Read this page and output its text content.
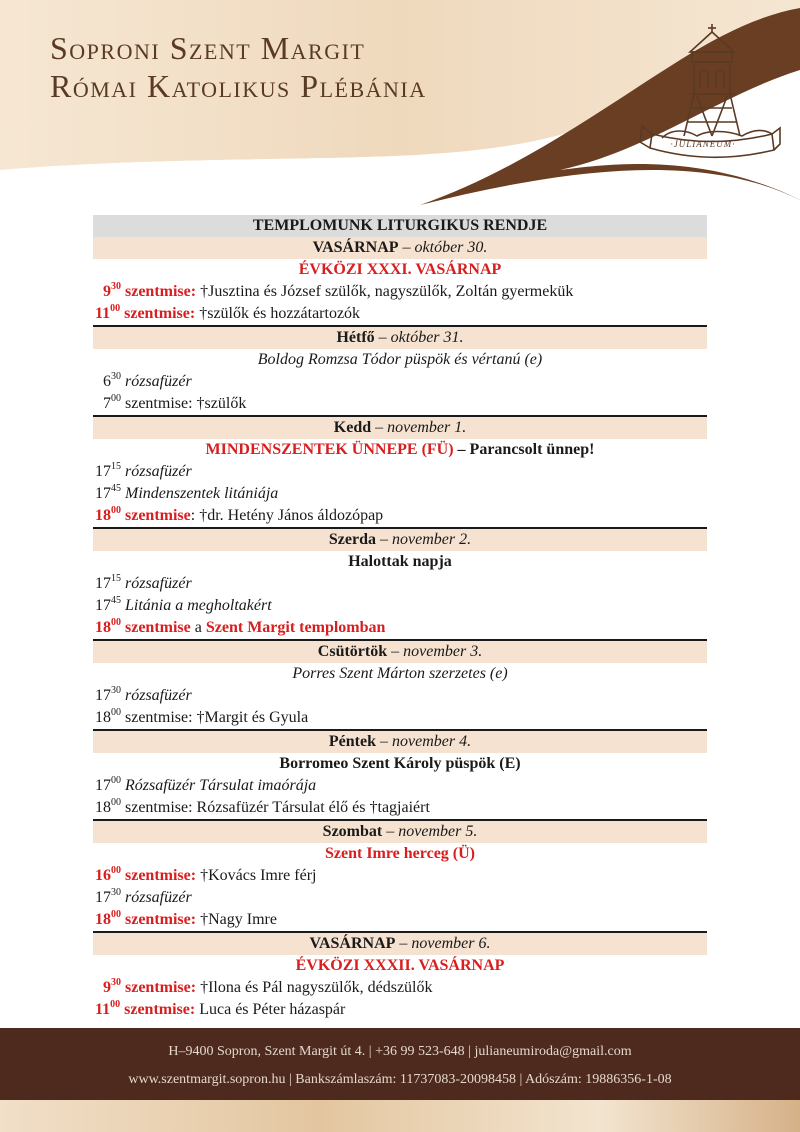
Soproni Szent Margit
Római Katolikus Plébánia
·JULIANEUM·
TEMPLOMUNK LITURGIKUS RENDJE
VASÁRNAP – október 30.
ÉVKÖZI XXXI. VASÁRNAP
$9^{30}$ szentmise: †Jusztina és József szülők, nagyszülők, Zoltán gyermekük
$11^{00}$ szentmise: †szülők és hozzátartozók
Hétfő – október 31.
Boldog Romzsa Tódor püspök és vértanú (e)
$6^{30}$ rózsafüzér
$7^{00}$ szentmise: †szülők
Kedd – november 1.
MINDENSZENTEK ÜNNEPE (FÜ) – Parancsolt ünnep!
$17^{15}$ rózsafüzér
$17^{45}$ Mindenszentek litániája
$18^{00}$ szentmise: †dr. Hetény János áldozópap
Szerda – november 2.
Halottak napja
$17^{15}$ rózsafüzér
$17^{45}$ Litánia a megholtakért
$18^{00}$ szentmise a Szent Margit templomban
Csütörtök – november 3.
Porres Szent Márton szerzetes (e)
$17^{30}$ rózsafüzér
$18^{00}$ szentmise: †Margit és Gyula
Péntek – november 4.
Borromeo Szent Károly püspök (E)
$17^{00}$ Rózsafüzér Társulat imaórája
$18^{00}$ szentmise: Rózsafüzér Társulat élő és †tagjaiért
Szombat – november 5.
Szent Imre herceg (Ü)
$16^{00}$ szentmise: †Kovács Imre férj
$17^{30}$ rózsafüzér
$18^{00}$ szentmise: †Nagy Imre
VASÁRNAP – november 6.
ÉVKÖZI XXXII. VASÁRNAP
$9^{30}$ szentmise: †Ilona és Pál nagyszülők, dédszülők
$11^{00}$ szentmise: Luca és Péter házaspár
H–9400 Sopron, Szent Margit út 4. | +36 99 523-648 | julianeumiroda@gmail.com
www.szentmargit.sopron.hu | Bankszámlaszám: 11737083-20098458 | Adószám: 19886356-1-08
